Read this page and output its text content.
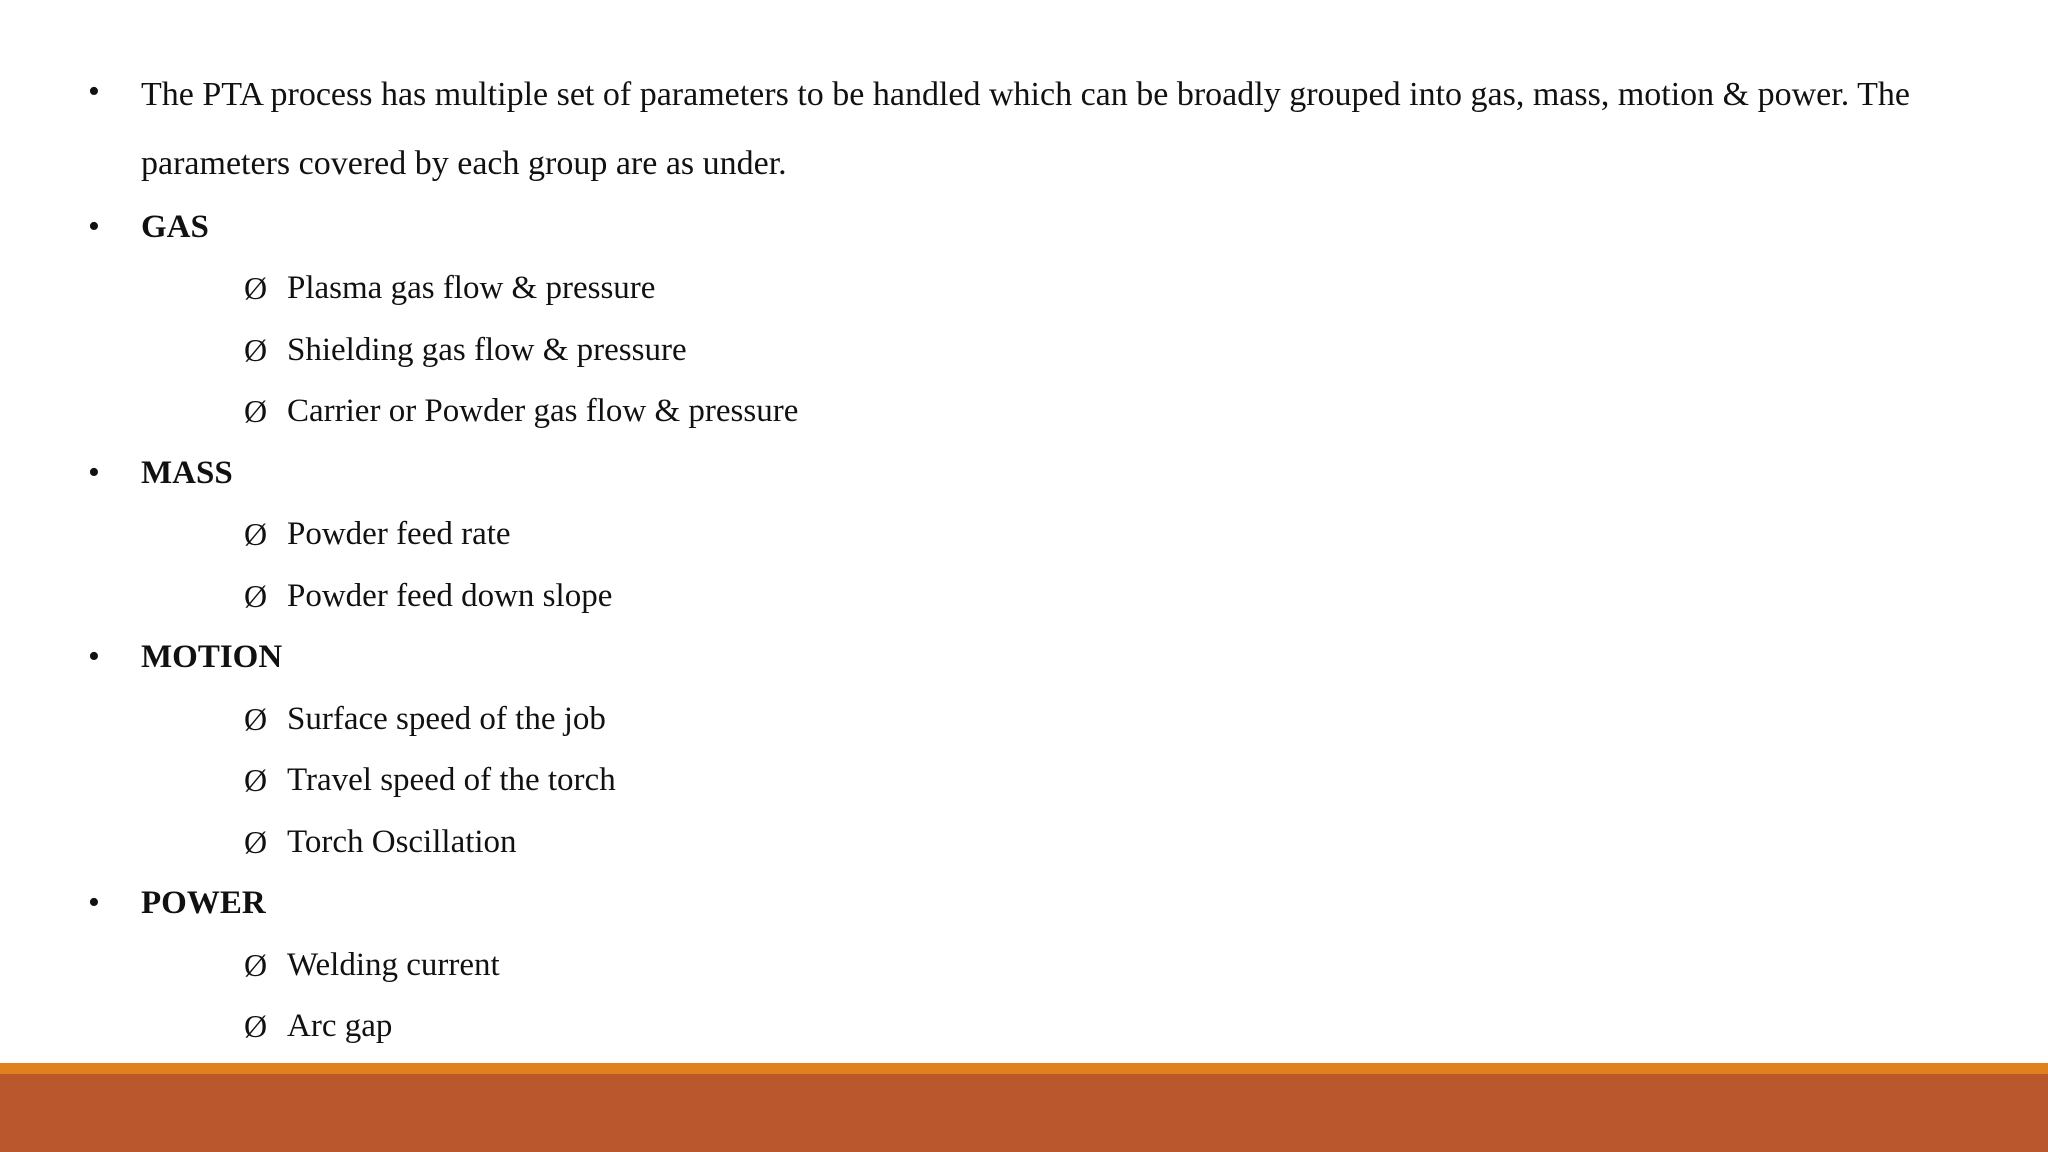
• The PTA process has multiple set of parameters to be handled which can be broadly grouped into gas, mass, motion & power. The parameters covered by each group are as under.
• GAS
Ø Plasma gas flow & pressure
Ø Shielding gas flow & pressure
Ø Carrier or Powder gas flow & pressure
• MASS
Ø Powder feed rate
Ø Powder feed down slope
• MOTION
Ø Surface speed of the job
Ø Travel speed of the torch
Ø Torch Oscillation
• POWER
Ø Welding current
Ø Arc gap
